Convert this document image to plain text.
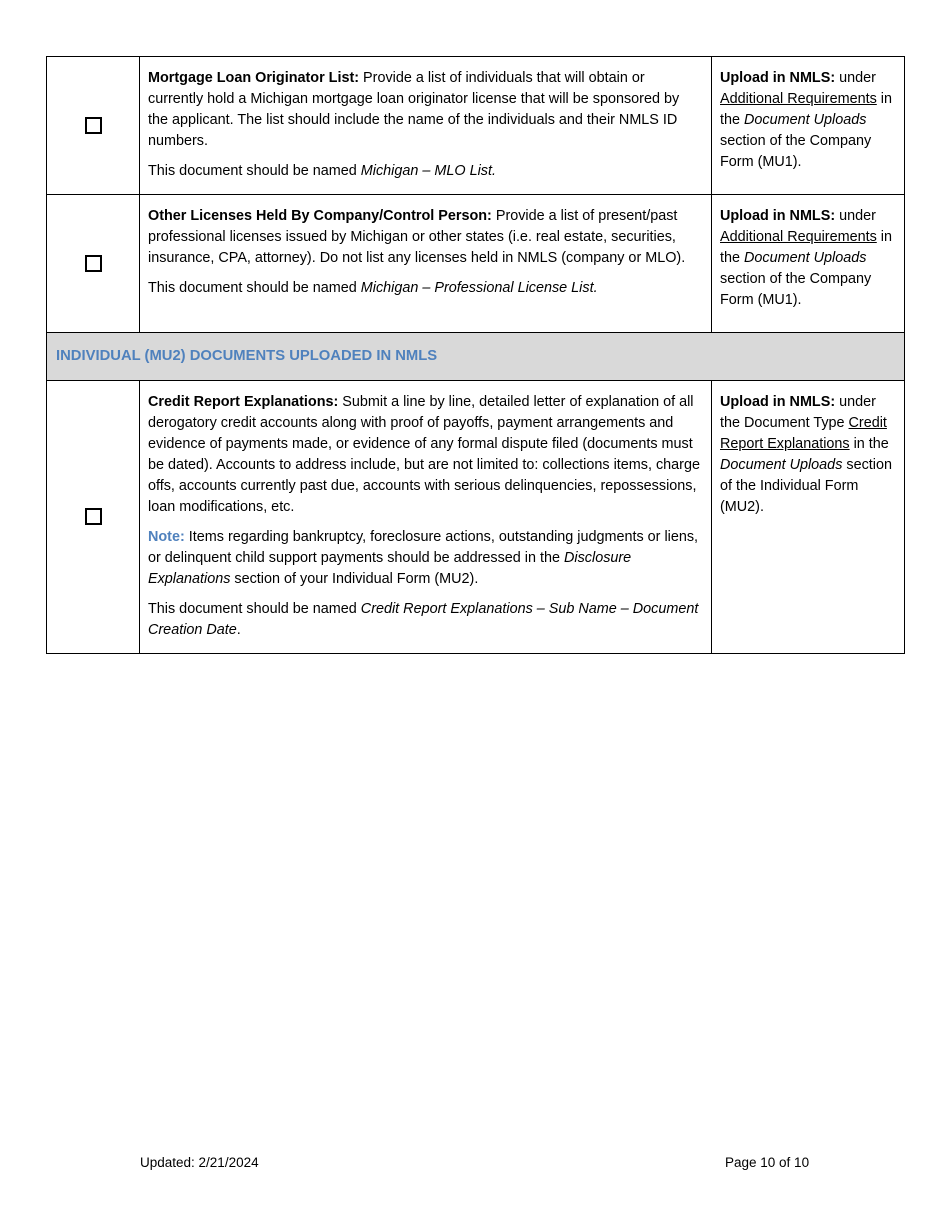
	Mortgage Loan Originator List: Provide a list of individuals that will obtain or currently hold a Michigan mortgage loan originator license that will be sponsored by the applicant. The list should include the name of the individuals and their NMLS ID numbers.

This document should be named Michigan – MLO List.	Upload in NMLS: under Additional Requirements in the Document Uploads section of the Company Form (MU1).

	Other Licenses Held By Company/Control Person: Provide a list of present/past professional licenses issued by Michigan or other states (i.e. real estate, securities, insurance, CPA, attorney). Do not list any licenses held in NMLS (company or MLO).

This document should be named Michigan – Professional License List.	Upload in NMLS: under Additional Requirements in the Document Uploads section of the Company Form (MU1).

INDIVIDUAL (MU2) DOCUMENTS UPLOADED IN NMLS		

	Credit Report Explanations: Submit a line by line, detailed letter of explanation of all derogatory credit accounts along with proof of payoffs, payment arrangements and evidence of payments made, or evidence of any formal dispute filed (documents must be dated). Accounts to address include, but are not limited to: collections items, charge offs, accounts currently past due, accounts with serious delinquencies, repossessions, loan modifications, etc.

Note: Items regarding bankruptcy, foreclosure actions, outstanding judgments or liens, or delinquent child support payments should be addressed in the Disclosure Explanations section of your Individual Form (MU2).

This document should be named Credit Report Explanations – Sub Name – Document Creation Date.	Upload in NMLS: under the Document Type Credit Report Explanations in the Document Uploads section of the Individual Form (MU2).

Updated: 2/21/2024	Page 10 of 10
